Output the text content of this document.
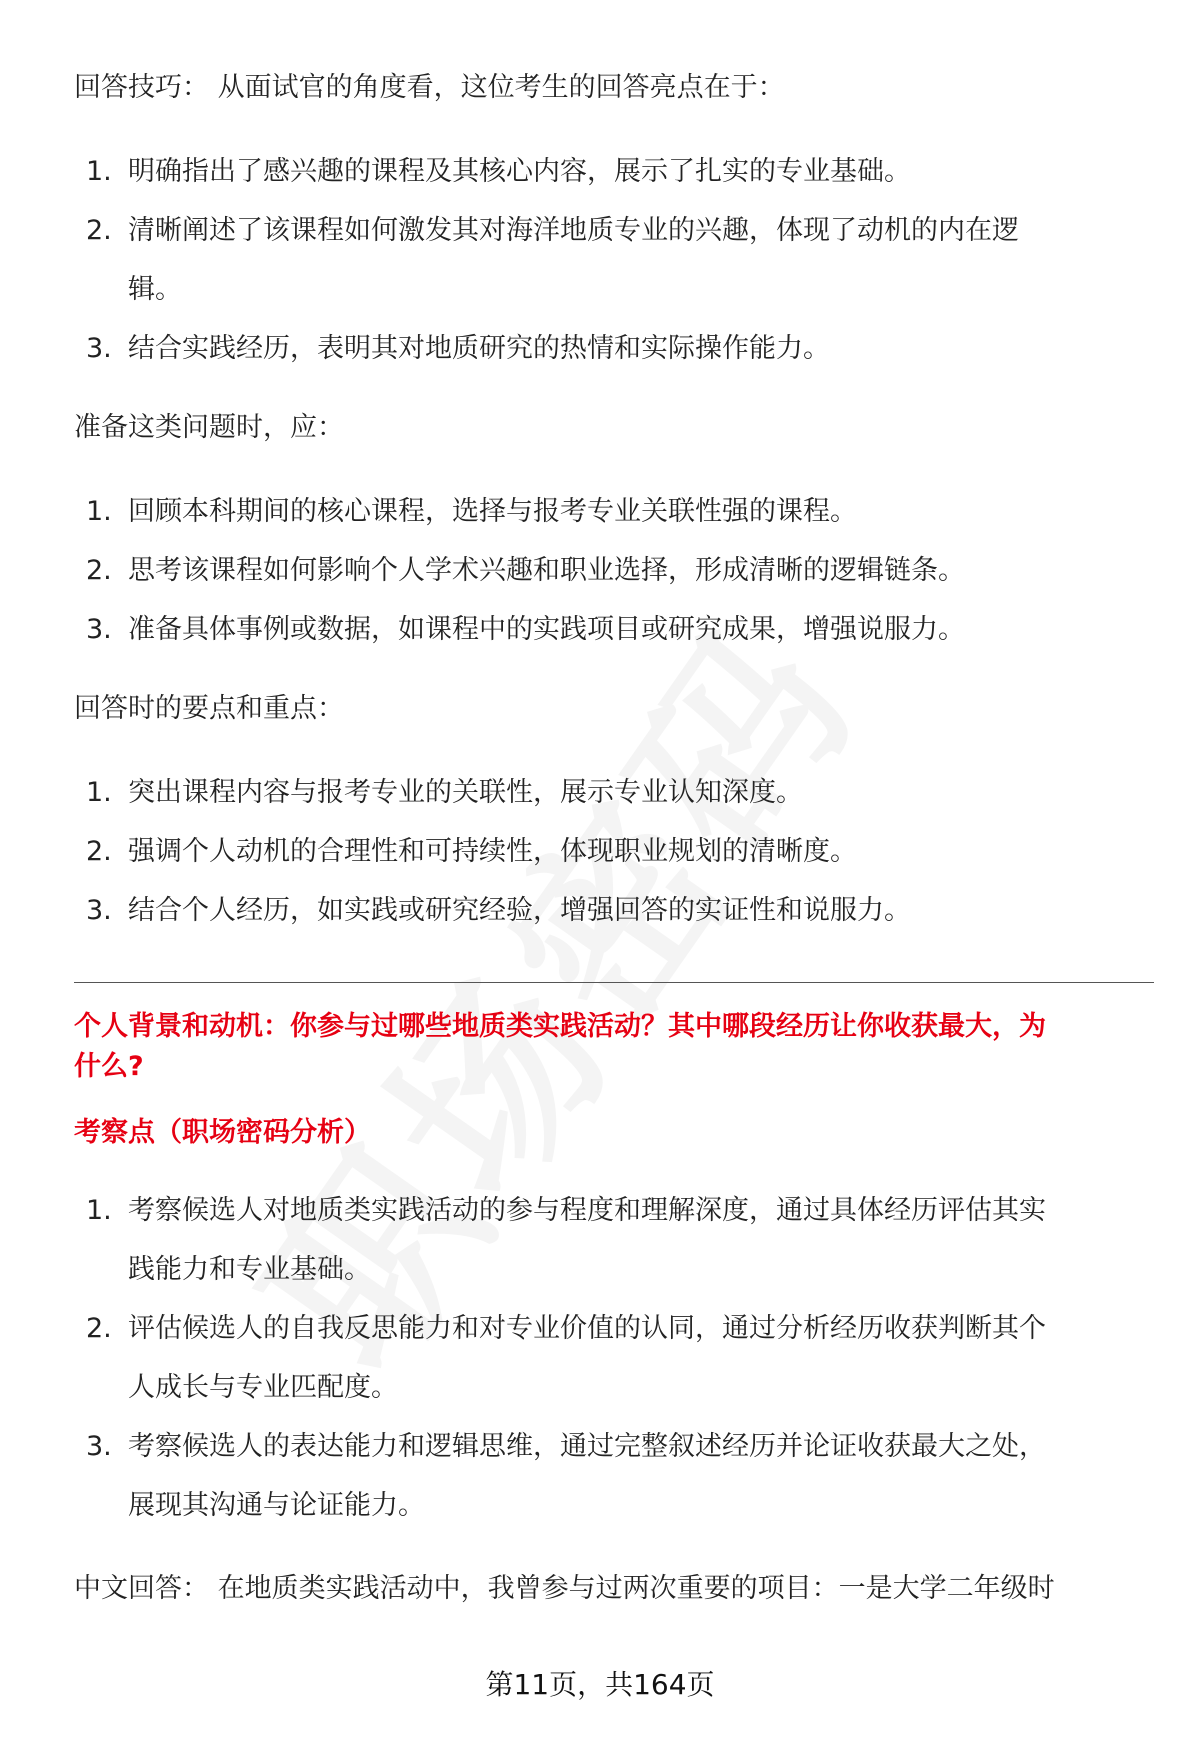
回答技巧： 从面试官的角度看，这位考生的回答亮点在于：

1. 明确指出了感兴趣的课程及其核心内容，展示了扎实的专业基础。
2. 清晰阐述了该课程如何激发其对海洋地质专业的兴趣，体现了动机的内在逻
辑。
3. 结合实践经历，表明其对地质研究的热情和实际操作能力。

准备这类问题时，应：

1. 回顾本科期间的核心课程，选择与报考专业关联性强的课程。
2. 思考该课程如何影响个人学术兴趣和职业选择，形成清晰的逻辑链条。
3. 准备具体事例或数据，如课程中的实践项目或研究成果，增强说服力。

回答时的要点和重点：

1. 突出课程内容与报考专业的关联性，展示专业认知深度。
2. 强调个人动机的合理性和可持续性，体现职业规划的清晰度。
3. 结合个人经历，如实践或研究经验，增强回答的实证性和说服力。

个人背景和动机：你参与过哪些地质类实践活动？其中哪段经历让你收获最大，为
什么?

考察点（职场密码分析）

1. 考察候选人对地质类实践活动的参与程度和理解深度，通过具体经历评估其实
践能力和专业基础。
2. 评估候选人的自我反思能力和对专业价值的认同，通过分析经历收获判断其个
人成长与专业匹配度。
3. 考察候选人的表达能力和逻辑思维，通过完整叙述经历并论证收获最大之处，
展现其沟通与论证能力。

中文回答： 在地质类实践活动中，我曾参与过两次重要的项目：一是大学二年级时

第11页，共164页
